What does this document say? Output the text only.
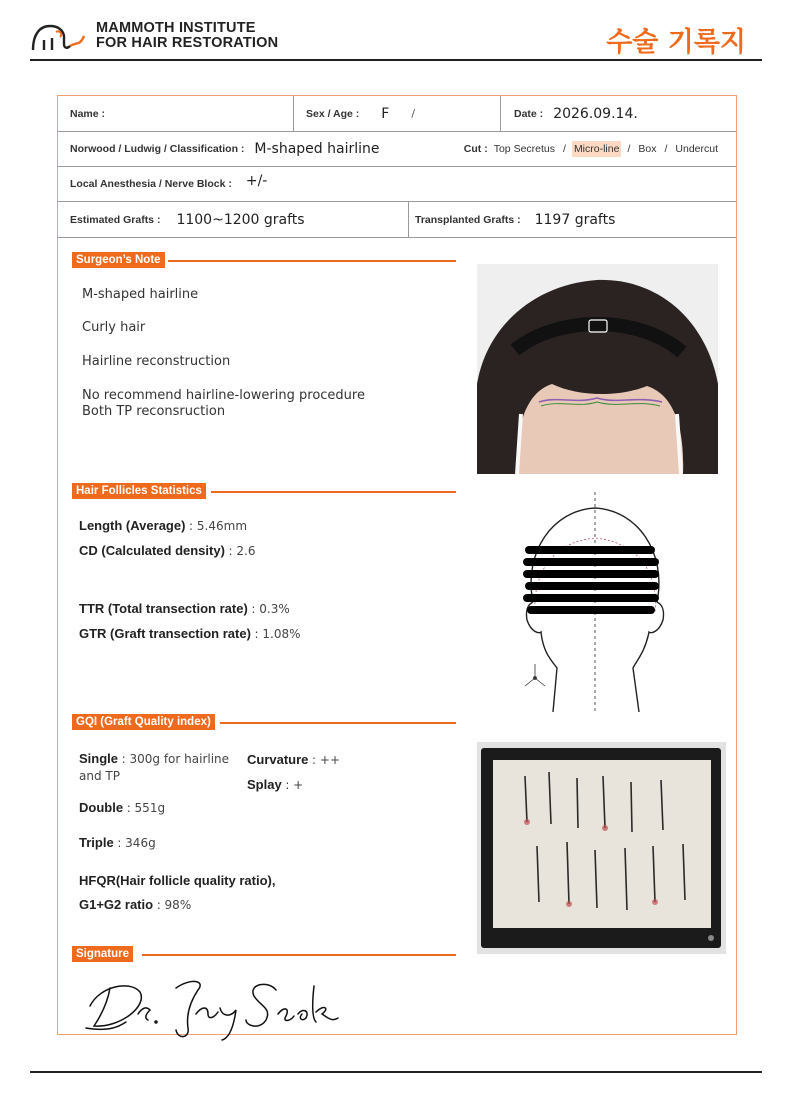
MAMMOTH INSTITUTE
FOR HAIR RESTORATION	수술 기록지
Name :	Sex / Age : F /	Date : 2026.09.14.
Norwood / Ludwig / Classification : M-shaped hairline	Cut : Top Secretus / Micro-line / Box / Undercut
Local Anesthesia / Nerve Block : +/-
Estimated Grafts : 1100~1200 grafts	Transplanted Grafts : 1197 grafts
Surgeon’s Note
M-shaped hairline
Curly hair
Hairline reconstruction
No recommend hairline-lowering procedure
Both TP reconsruction
Hair Follicles Statistics
Length (Average) : 5.46mm
CD (Calculated density) : 2.6
TTR (Total transection rate) : 0.3%
GTR (Graft transection rate) : 1.08%
GQI (Graft Quality index)
Single : 300g for hairline
and TP
Double : 551g
Triple : 346g
Curvature : ++
Splay : +
HFQR(Hair follicle quality ratio),
G1+G2 ratio : 98%
Signature
